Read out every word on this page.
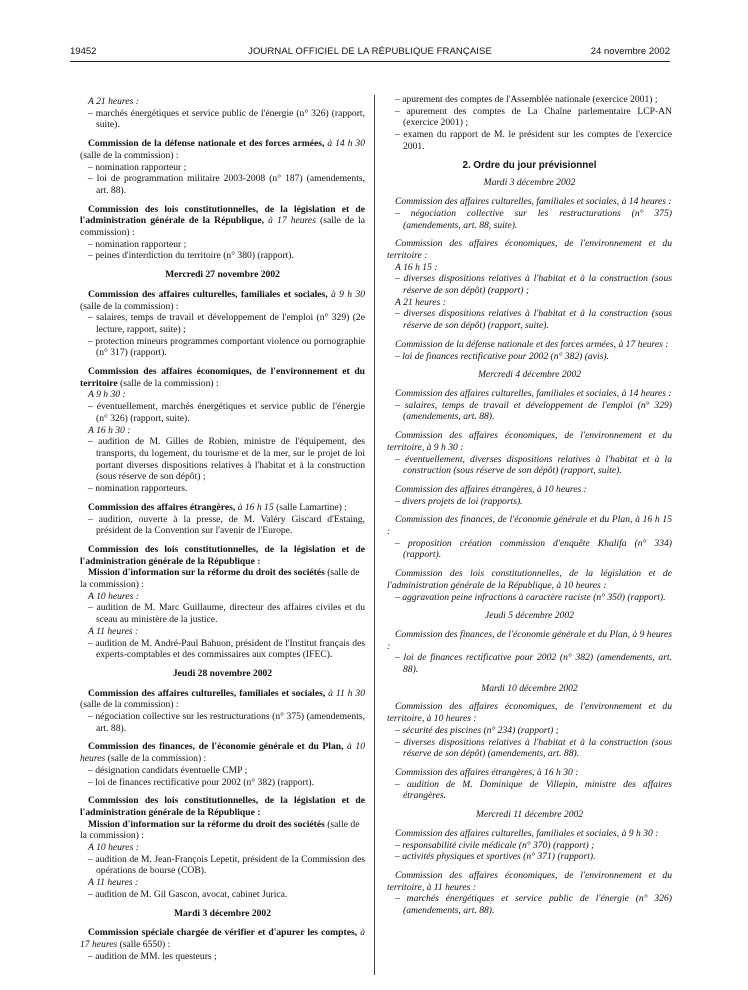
19452	JOURNAL OFFICIEL DE LA RÉPUBLIQUE FRANÇAISE	24 novembre 2002
A 21 heures :
– marchés énergétiques et service public de l'énergie (n° 326) (rapport, suite).
Commission de la défense nationale et des forces armées, à 14 h 30 (salle de la commission) :
– nomination rapporteur ;
– loi de programmation militaire 2003-2008 (n° 187) (amendements, art. 88).
Commission des lois constitutionnelles, de la législation et de l'administration générale de la République, à 17 heures (salle de la commission) :
– nomination rapporteur ;
– peines d'interdiction du territoire (n° 380) (rapport).
Mercredi 27 novembre 2002
Commission des affaires culturelles, familiales et sociales, à 9 h 30 (salle de la commission) :
– salaires, temps de travail et développement de l'emploi (n° 329) (2e lecture, rapport, suite) ;
– protection mineurs programmes comportant violence ou pornographie (n° 317) (rapport).
Commission des affaires économiques, de l'environnement et du territoire (salle de la commission) :
A 9 h 30 :
– éventuellement, marchés énergétiques et service public de l'énergie (n° 326) (rapport, suite).
A 16 h 30 :
– audition de M. Gilles de Robien, ministre de l'équipement, des transports, du logement, du tourisme et de la mer, sur le projet de loi portant diverses dispositions relatives à l'habitat et à la construction (sous réserve de son dépôt) ;
– nomination rapporteurs.
Commission des affaires étrangères, à 16 h 15 (salle Lamartine) :
– audition, ouverte à la presse, de M. Valéry Giscard d'Estaing, président de la Convention sur l'avenir de l'Europe.
Commission des lois constitutionnelles, de la législation et de l'administration générale de la République :
Mission d'information sur la réforme du droit des sociétés (salle de la commission) :
A 10 heures :
– audition de M. Marc Guillaume, directeur des affaires civiles et du sceau au ministère de la justice.
A 11 heures :
– audition de M. André-Paul Bahuon, président de l'Institut français des experts-comptables et des commissaires aux comptes (IFEC).
Jeudi 28 novembre 2002
Commission des affaires culturelles, familiales et sociales, à 11 h 30 (salle de la commission) :
– négociation collective sur les restructurations (n° 375) (amendements, art. 88).
Commission des finances, de l'économie générale et du Plan, à 10 heures (salle de la commission) :
– désignation candidats éventuelle CMP ;
– loi de finances rectificative pour 2002 (n° 382) (rapport).
Commission des lois constitutionnelles, de la législation et de l'administration générale de la République :
Mission d'information sur la réforme du droit des sociétés (salle de la commission) :
A 10 heures :
– audition de M. Jean-François Lepetit, président de la Commission des opérations de bourse (COB).
A 11 heures :
– audition de M. Gil Gascon, avocat, cabinet Jurica.
Mardi 3 décembre 2002
Commission spéciale chargée de vérifier et d'apurer les comptes, à 17 heures (salle 6550) :
– audition de MM. les questeurs ;
– apurement des comptes de l'Assemblée nationale (exercice 2001) ;
– apurement des comptes de La Chaîne parlementaire LCP-AN (exercice 2001) ;
– examen du rapport de M. le président sur les comptes de l'exercice 2001.
2. Ordre du jour prévisionnel
Mardi 3 décembre 2002
Commission des affaires culturelles, familiales et sociales, à 14 heures :
– négociation collective sur les restructurations (n° 375) (amendements, art. 88, suite).
Commission des affaires économiques, de l'environnement et du territoire :
A 16 h 15 :
– diverses dispositions relatives à l'habitat et à la construction (sous réserve de son dépôt) (rapport) ;
A 21 heures :
– diverses dispositions relatives à l'habitat et à la construction (sous réserve de son dépôt) (rapport, suite).
Commission de la défense nationale et des forces armées, à 17 heures :
– loi de finances rectificative pour 2002 (n° 382) (avis).
Mercredi 4 décembre 2002
Commission des affaires culturelles, familiales et sociales, à 14 heures :
– salaires, temps de travail et développement de l'emploi (n° 329) (amendements, art. 88).
Commission des affaires économiques, de l'environnement et du territoire, à 9 h 30 :
– éventuellement, diverses dispositions relatives à l'habitat et à la construction (sous réserve de son dépôt) (rapport, suite).
Commission des affaires étrangères, à 10 heures :
– divers projets de loi (rapports).
Commission des finances, de l'économie générale et du Plan, à 16 h 15 :
– proposition création commission d'enquête Khalifa (n° 334) (rapport).
Commission des lois constitutionnelles, de la législation et de l'administration générale de la République, à 10 heures :
– aggravation peine infractions à caractère raciste (n° 350) (rapport).
Jeudi 5 décembre 2002
Commission des finances, de l'économie générale et du Plan, à 9 heures :
– loi de finances rectificative pour 2002 (n° 382) (amendements, art. 88).
Mardi 10 décembre 2002
Commission des affaires économiques, de l'environnement et du territoire, à 10 heures :
– sécurité des piscines (n° 234) (rapport) ;
– diverses dispositions relatives à l'habitat et à la construction (sous réserve de son dépôt) (amendements, art. 88).
Commission des affaires étrangères, à 16 h 30 :
– audition de M. Dominique de Villepin, ministre des affaires étrangères.
Mercredi 11 décembre 2002
Commission des affaires culturelles, familiales et sociales, à 9 h 30 :
– responsabilité civile médicale (n° 370) (rapport) ;
– activités physiques et sportives (n° 371) (rapport).
Commission des affaires économiques, de l'environnement et du territoire, à 11 heures :
– marchés énergétiques et service public de l'énergie (n° 326) (amendements, art. 88).
